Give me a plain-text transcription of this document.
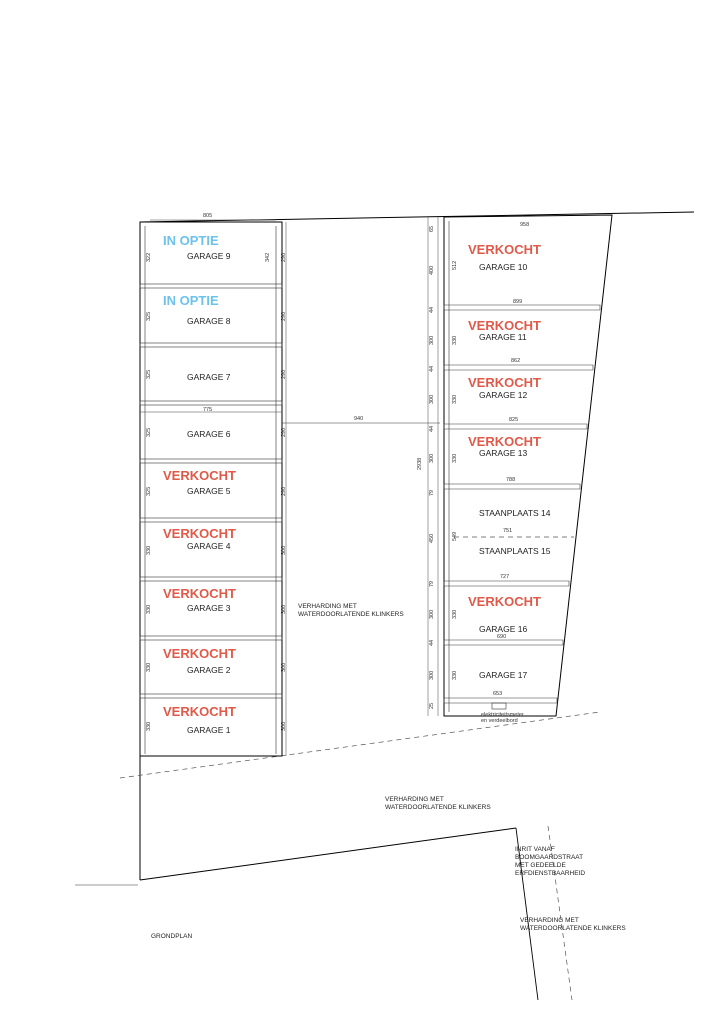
IN OPTIE
GARAGE 9
IN OPTIE
GARAGE 8
GARAGE 7
GARAGE 6
VERKOCHT
GARAGE 5
VERKOCHT
GARAGE 4
VERKOCHT
GARAGE 3
VERKOCHT
GARAGE 2
VERKOCHT
GARAGE 1
VERKOCHT
GARAGE 10
VERKOCHT
GARAGE 11
VERKOCHT
GARAGE 12
VERKOCHT
GARAGE 13
STAANPLAATS 14
STAANPLAATS 15
VERKOCHT
GARAGE 16
GARAGE 17
VERHARDING MET
WATERDOORLATENDE KLINKERS
VERHARDING MET
WATERDOORLATENDE KLINKERS
INRIT VANAF
BOOMGAARDSTRAAT
MET GEDEELDE
ERFDIENSTBAARHEID
VERHARDING MET
WATERDOORLATENDE KLINKERS
elektriciteitsmeter
en verdeelbord
GRONDPLAN
805
775
940
958
899
862
825
788
751
727
690
653
322	342
325
325
325
325
330
330
330
330
290
290
290
290
290
300
300
300
300
65
400
512
44
300	330
44
300	330
44
2938 300	330
79
450	549
79
300	330
44
300	330
25
